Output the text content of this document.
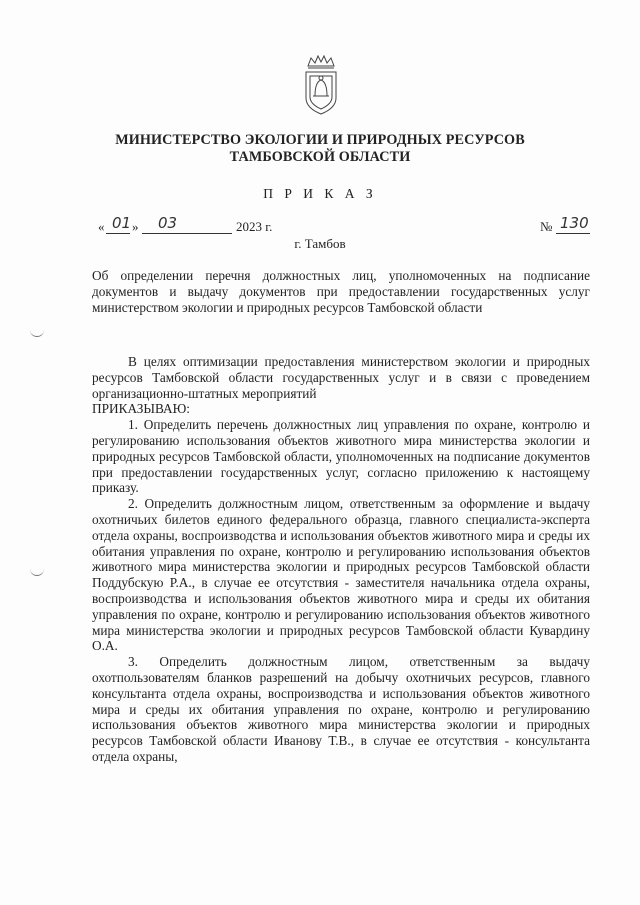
МИНИСТЕРСТВО ЭКОЛОГИИ И ПРИРОДНЫХ РЕСУРСОВ
ТАМБОВСКОЙ ОБЛАСТИ
П Р И К А З
« 01 » 03	2023 г.	№ 130
г. Тамбов
Об определении перечня должностных лиц, уполномоченных на подписание документов и выдачу документов при предоставлении государственных услуг министерством экологии и природных ресурсов Тамбовской области

В целях оптимизации предоставления министерством экологии и природных ресурсов Тамбовской области государственных услуг и в связи с проведением организационно-штатных мероприятий

ПРИКАЗЫВАЮ:

1. Определить перечень должностных лиц управления по охране, контролю и регулированию использования объектов животного мира министерства экологии и природных ресурсов Тамбовской области, уполномоченных на подписание документов при предоставлении государственных услуг, согласно приложению к настоящему приказу.

2. Определить должностным лицом, ответственным за оформление и выдачу охотничьих билетов единого федерального образца, главного специалиста-эксперта отдела охраны, воспроизводства и использования объектов животного мира и среды их обитания управления по охране, контролю и регулированию использования объектов животного мира министерства экологии и природных ресурсов Тамбовской области Поддубскую Р.А., в случае ее отсутствия - заместителя начальника отдела охраны, воспроизводства и использования объектов животного мира и среды их обитания управления по охране, контролю и регулированию использования объектов животного мира министерства экологии и природных ресурсов Тамбовской области Кувардину О.А.

3. Определить должностным лицом, ответственным за выдачу охотпользователям бланков разрешений на добычу охотничьих ресурсов, главного консультанта отдела охраны, воспроизводства и использования объектов животного мира и среды их обитания управления по охране, контролю и регулированию использования объектов животного мира министерства экологии и природных ресурсов Тамбовской области Иванову Т.В., в случае ее отсутствия - консультанта отдела охраны,
